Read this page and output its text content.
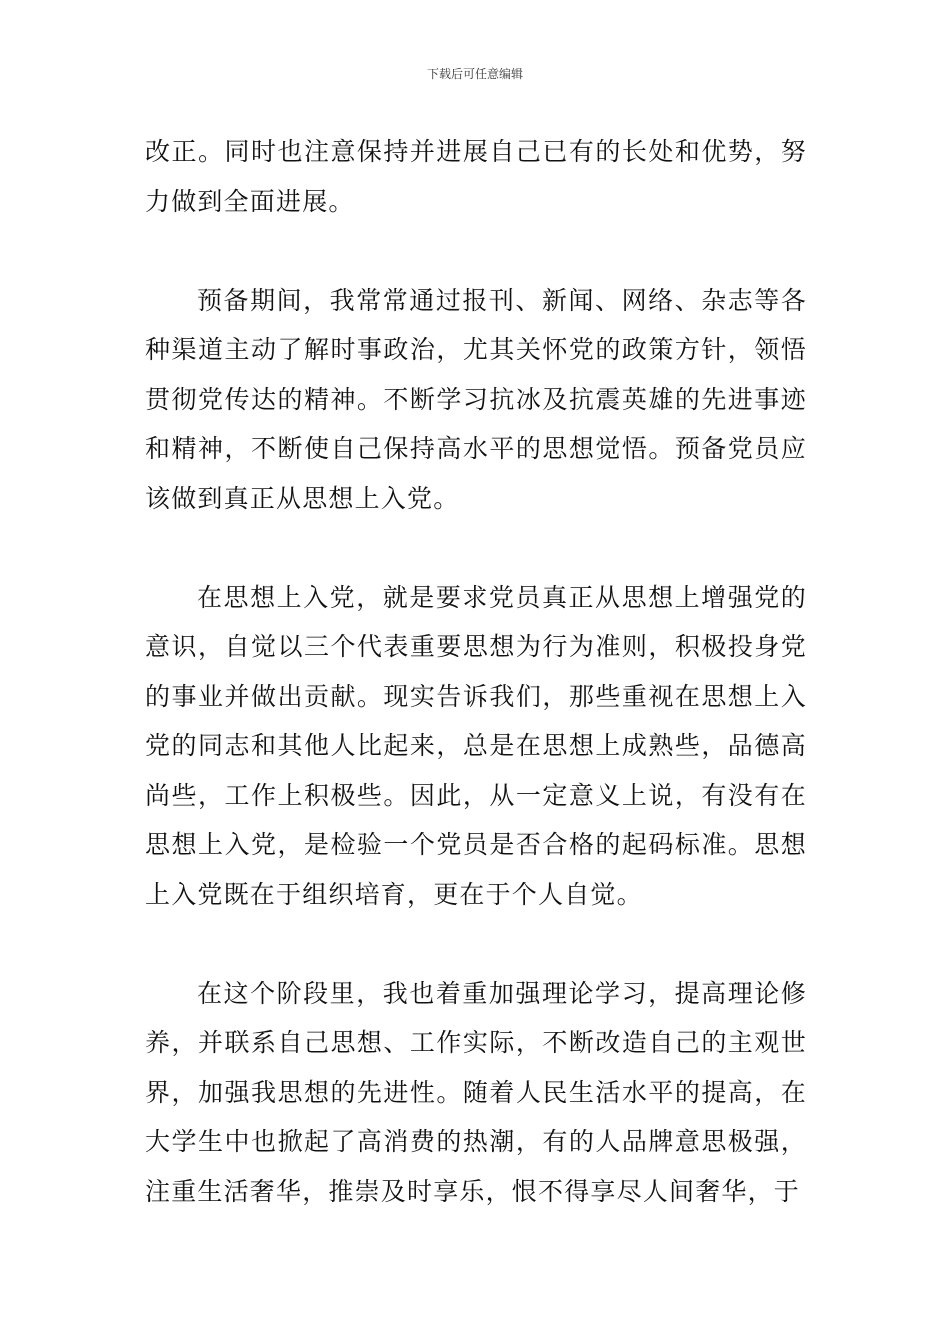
下载后可任意编辑

改正。同时也注意保持并进展自己已有的长处和优势，努力做到全面进展。

预备期间，我常常通过报刊、新闻、网络、杂志等各种渠道主动了解时事政治，尤其关怀党的政策方针，领悟贯彻党传达的精神。不断学习抗冰及抗震英雄的先进事迹和精神，不断使自己保持高水平的思想觉悟。预备党员应该做到真正从思想上入党。

在思想上入党，就是要求党员真正从思想上增强党的意识，自觉以三个代表重要思想为行为准则，积极投身党的事业并做出贡献。现实告诉我们，那些重视在思想上入党的同志和其他人比起来，总是在思想上成熟些，品德高尚些，工作上积极些。因此，从一定意义上说，有没有在思想上入党，是检验一个党员是否合格的起码标准。思想上入党既在于组织培育，更在于个人自觉。

在这个阶段里，我也着重加强理论学习，提高理论修养，并联系自己思想、工作实际，不断改造自己的主观世界，加强我思想的先进性。随着人民生活水平的提高，在大学生中也掀起了高消费的热潮，有的人品牌意思极强，注重生活奢华，推崇及时享乐，恨不得享尽人间奢华，于
